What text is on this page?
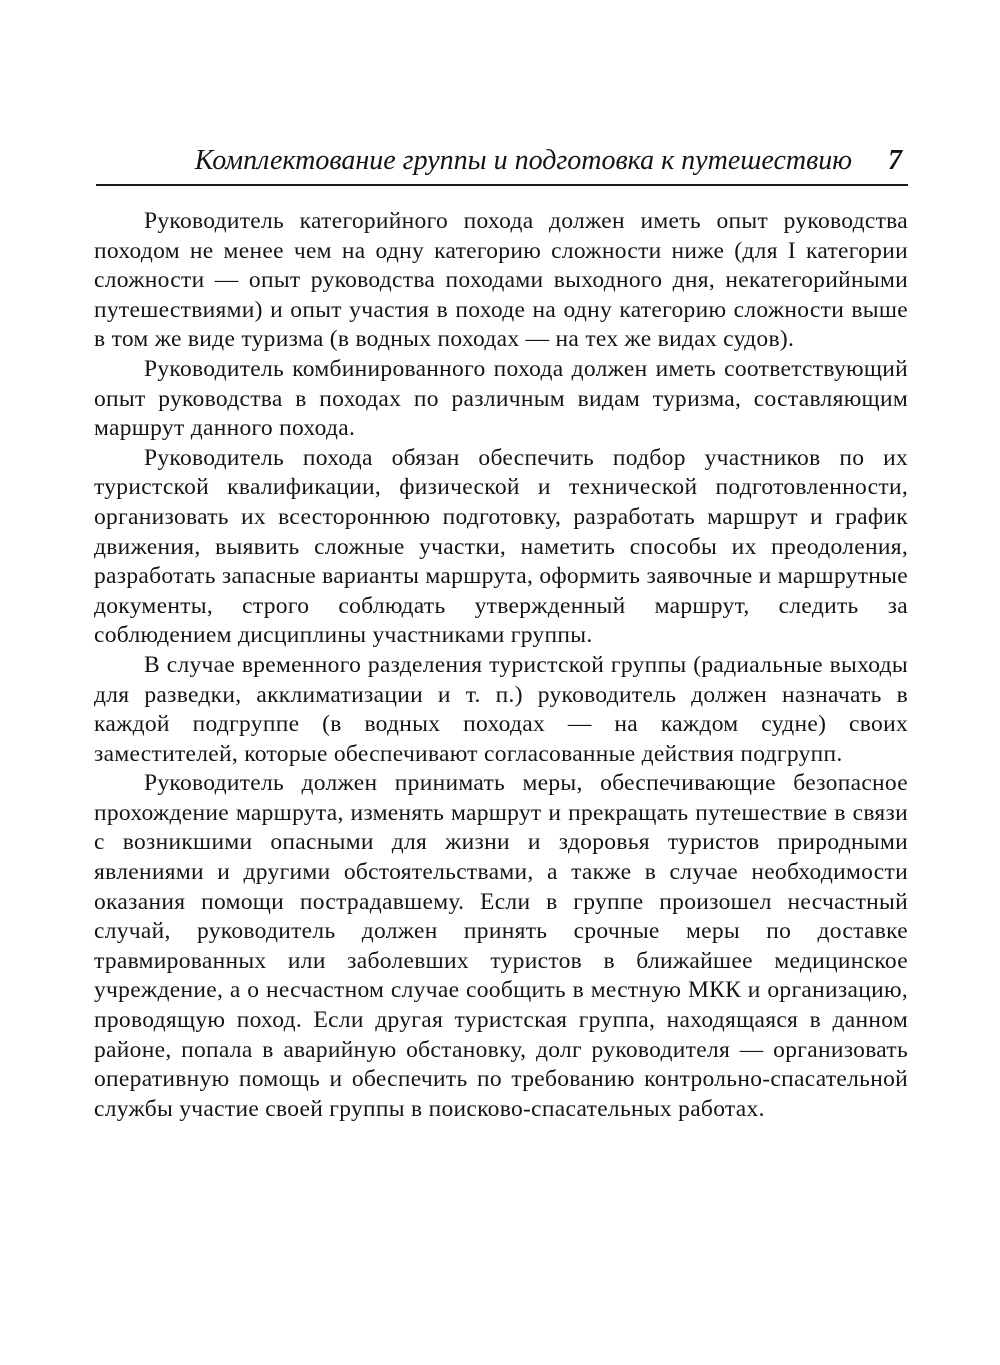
Комплектование группы и подготовка к путешествию 7

Руководитель категорийного похода должен иметь опыт руководства походом не менее чем на одну категорию сложности ниже (для I категории сложности — опыт руководства походами выходного дня, некатегорийными путешествиями) и опыт участия в походе на одну категорию сложности выше в том же виде туризма (в водных походах — на тех же видах судов).

Руководитель комбинированного похода должен иметь соответствующий опыт руководства в походах по различным видам туризма, составляющим маршрут данного похода.

Руководитель похода обязан обеспечить подбор участников по их туристской квалификации, физической и технической подготовленности, организовать их всестороннюю подготовку, разработать маршрут и график движения, выявить сложные участки, наметить способы их преодоления, разработать запасные варианты маршрута, оформить заявочные и маршрутные документы, строго соблюдать утвержденный маршрут, следить за соблюдением дисциплины участниками группы.

В случае временного разделения туристской группы (радиальные выходы для разведки, акклиматизации и т. п.) руководитель должен назначать в каждой подгруппе (в водных походах — на каждом судне) своих заместителей, которые обеспечивают согласованные действия подгрупп.

Руководитель должен принимать меры, обеспечивающие безопасное прохождение маршрута, изменять маршрут и прекращать путешествие в связи с возникшими опасными для жизни и здоровья туристов природными явлениями и другими обстоятельствами, а также в случае необходимости оказания помощи пострадавшему. Если в группе произошел несчастный случай, руководитель должен принять срочные меры по доставке травмированных или заболевших туристов в ближайшее медицинское учреждение, а о несчастном случае сообщить в местную МКК и организацию, проводящую поход. Если другая туристская группа, находящаяся в данном районе, попала в аварийную обстановку, долг руководителя — организовать оперативную помощь и обеспечить по требованию контрольно-спасательной службы участие своей группы в поисково-спасательных работах.
